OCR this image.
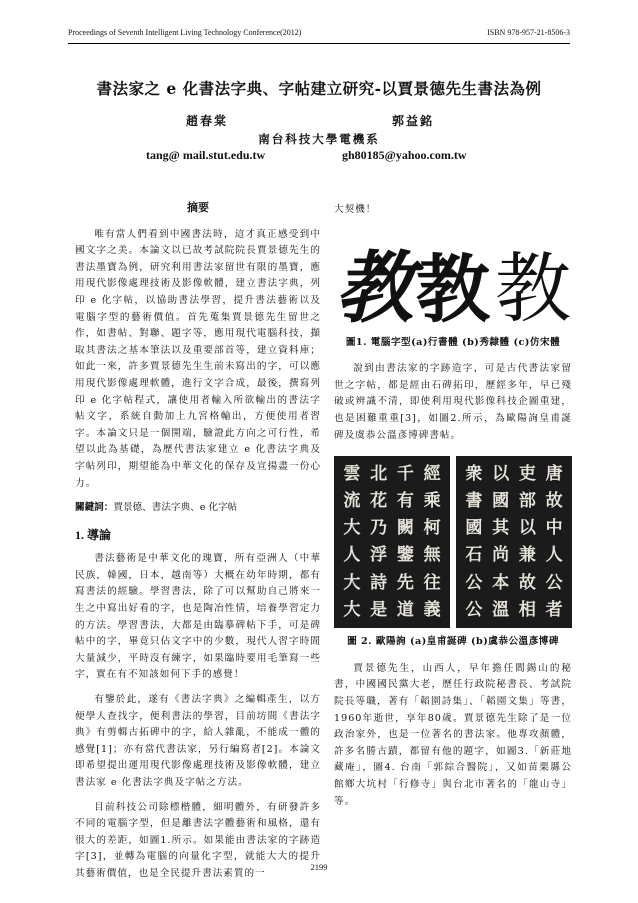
Proceedings of Seventh Intelligent Living Technology Conference(2012)	ISBN 978-957-21-8506-3
書法家之 e 化書法字典、字帖建立研究-以賈景德先生書法為例
趙春棠	郭益銘
南台科技大學電機系
tang@ mail.stut.edu.tw	gh80185@yahoo.com.tw
摘要

唯有當人們看到中國書法時，這才真正感受到中國文字之美。本論文以已故考試院院長賈景德先生的書法墨寶為例，研究利用書法家留世有限的墨寶，應用現代影像處理技術及影像軟體，建立書法字典，列印 e 化字帖，以協助書法學習，提升書法藝術以及電腦字型的藝術價值。首先蒐集賈景德先生留世之作，如書帖、對聯、題字等，應用現代電腦科技，擷取其書法之基本筆法以及重要部首等，建立資料庫；如此一來，許多賈景德先生生前未寫出的字，可以應用現代影像處理軟體，進行文字合成，最後，撰寫列印 e 化字帖程式，讓使用者輸入所欲輸出的書法字帖文字，系統自動加上九宮格輸出，方便使用者習字。本論文只是一個開端，驗證此方向之可行性，希望以此為基礎，為歷代書法家建立 e 化書法字典及字帖列印，期望能為中華文化的保存及宣揚盡一份心力。

關鍵詞：賈景德、書法字典、e 化字帖
1. 導論

書法藝術是中華文化的瑰寶，所有亞洲人（中華民族，韓國，日本，越南等）大概在幼年時期，都有寫書法的經驗。學習書法，除了可以幫助自己將來一生之中寫出好看的字，也是陶冶性情，培養學習定力的方法。學習書法，大都是由臨摹碑帖下手，可是碑帖中的字，畢竟只佔文字中的少數，現代人習字時間大量減少，平時沒有練字，如果臨時要用毛筆寫一些字，實在有不知該如何下手的感覺！

有鑒於此，遂有《書法字典》之編輯產生，以方便學人查找字，便利書法的學習，目前坊間《書法字典》有剪輯古拓碑中的字，給人雜亂，不能成一體的感覺[1]；亦有當代書法家，另行編寫者[2]。本論文即希望提出運用現代影像處理技術及影像軟體，建立書法家 e 化書法字典及字帖之方法。

目前科技公司除標楷體，細明體外，有研發許多不同的電腦字型，但是離書法字體藝術和風格，還有很大的差距，如圖1.所示。如果能由書法家的字跡造字[3]，並轉為電腦的向量化字型，就能大大的提升其藝術價值，也是全民提升書法素質的一

大契機！
教 教 教
圖1. 電腦字型(a)行書體 (b)秀隸體 (c)仿宋體

說到由書法家的字跡造字，可是古代書法家留世之字帖，都是經由石碑拓印，歷經多年，早已殘破或辨識不清，即使利用現代影像科技企圖重建，也是困難重重[3]，如圖2.所示，為歐陽詢皇甫誕碑及虞恭公溫彥博碑書帖。

雲 北 千 經
流 花 有 乘
大 乃 闕 柯
人 浮 鑒 無
大 詩 先 往
大 是 道 義
衆 以 吏 唐
書 國 部 故
國 其 以 中
石 尚 兼 人
公 本 故 公
公 溫 相 者
圖 2. 歐陽詢 (a)皇甫誕碑 (b)虞恭公溫彥博碑

賈景德先生，山西人，早年擔任閻錫山的秘書，中國國民黨大老，歷任行政院秘書長、考試院院長等職，著有「韜園詩集」、「韜園文集」等書，1960年逝世，享年80歲。賈景德先生除了是一位政治家外，也是一位著名的書法家。他專攻顏體，許多名勝古蹟，都留有他的題字，如圖3.「新莊地藏庵」，圖4. 台南「郭綜合醫院」，又如苗栗縣公館鄉大坑村「行修寺」與台北市著名的「龍山寺」等。

2199
